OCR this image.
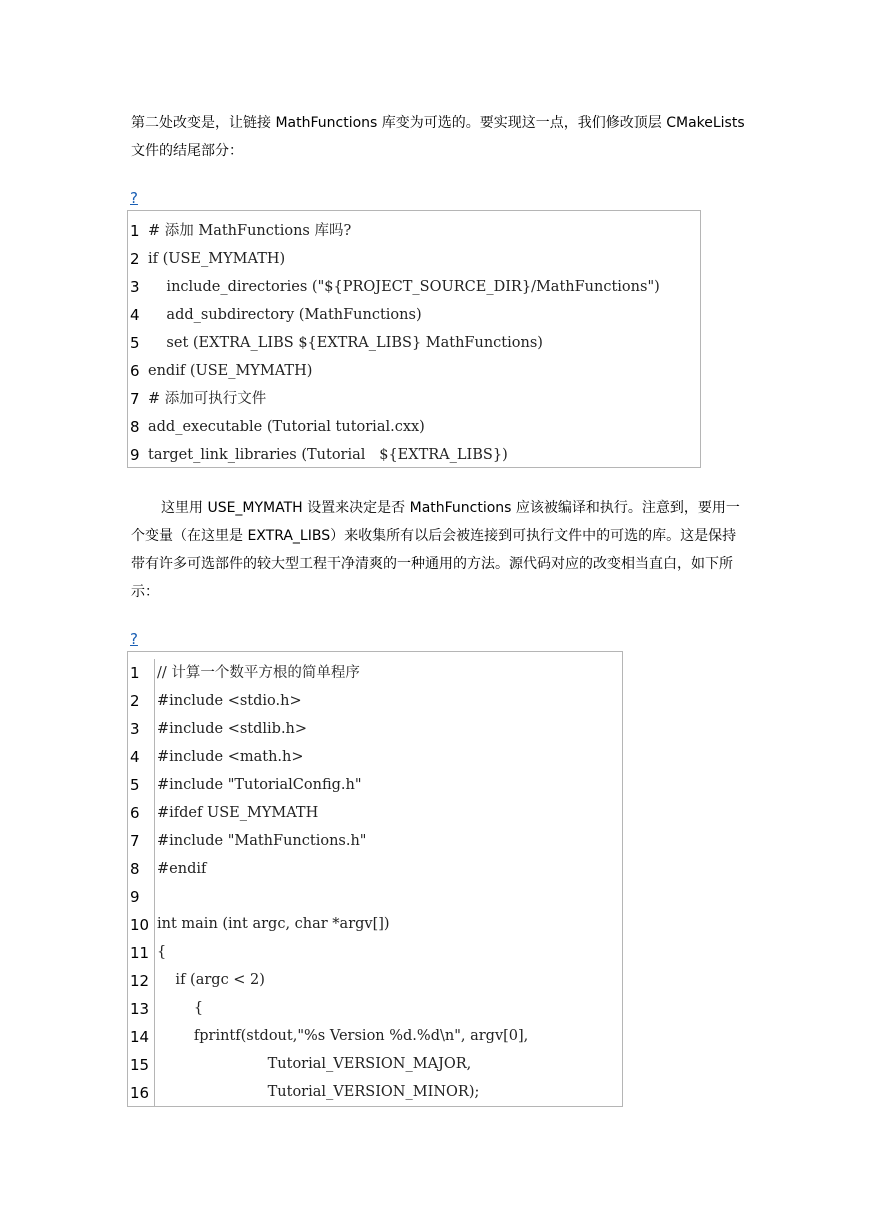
第二处改变是，让链接 MathFunctions 库变为可选的。要实现这一点，我们修改顶层 CMakeLists 文件的结尾部分：

?
1
2
3
4
5
6
7
8
9
# 添加 MathFunctions 库吗?
if (USE_MYMATH)
include_directories ("${PROJECT_SOURCE_DIR}/MathFunctions")
add_subdirectory (MathFunctions)
set (EXTRA_LIBS ${EXTRA_LIBS} MathFunctions)
endif (USE_MYMATH)
# 添加可执行文件
add_executable (Tutorial tutorial.cxx)
target_link_libraries (Tutorial   ${EXTRA_LIBS})

这里用 USE_MYMATH 设置来决定是否 MathFunctions 应该被编译和执行。注意到，要用一个变量（在这里是 EXTRA_LIBS）来收集所有以后会被连接到可执行文件中的可选的库。这是保持带有许多可选部件的较大型工程干净清爽的一种通用的方法。源代码对应的改变相当直白，如下所示：

?
1
2
3
4
5
6
7
8
9
10
11
12
13
14
15
16
// 计算一个数平方根的简单程序
#include <stdio.h>
#include <stdlib.h>
#include <math.h>
#include "TutorialConfig.h"
#ifdef USE_MYMATH
#include "MathFunctions.h"
#endif
int main (int argc, char *argv[])
{
if (argc < 2)
{
fprintf(stdout,"%s Version %d.%d\n", argv[0],
Tutorial_VERSION_MAJOR,
Tutorial_VERSION_MINOR);
